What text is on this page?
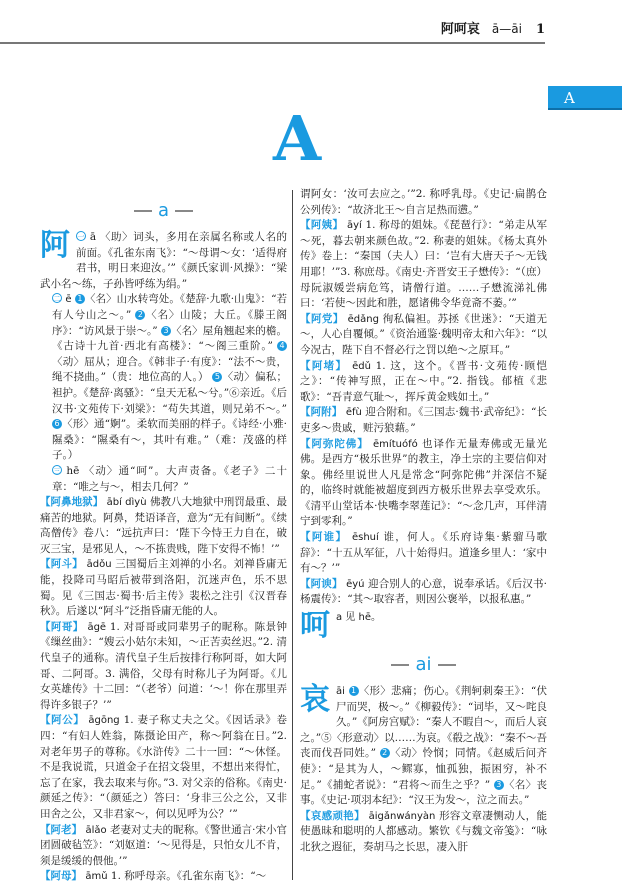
阿呵哀 ā—āi 1
A
A
a
阿 一 ā 〈助〉词头，多用在亲属名称或人名的前面。《孔雀东南飞》：“～母谓～女：‘适得府君书，明日来迎汝。’”《颜氏家训·风操》：“梁武小名～练，子孙皆呼练为绢。”
二 ē 1 〈名〉山水转弯处。《楚辞·九歌·山鬼》：“若有人兮山之～。” 2 〈名〉山陵；大丘。《滕王阁序》：“访风景于崇～。” 3 〈名〉屋角翘起来的檐。《古诗十九首·西北有高楼》：“～阁三重阶。” 4〈动〉屈从；迎合。《韩非子·有度》：“法不～贵，绳不挠曲。”（贵：地位高的人。） 5 〈动〉偏私；袒护。《楚辞·离骚》：“皇天无私～兮。”⑥亲近。《后汉书·文苑传下·刘梁》：“苟失其道，则兄弟不～。” 6 〈形〉通“婀”。柔软而美丽的样子。《诗经·小雅·隰桑》：“隰桑有～，其叶有难。”（难：茂盛的样子。）
三 hē 〈动〉通“呵”。大声责备。《老子》二十章：“唯之与～，相去几何？”
【阿鼻地狱】 ābí dìyù 佛教八大地狱中刑罚最重、最痛苦的地狱。阿鼻，梵语译音，意为“无有间断”。《续高僧传》卷八：“远抗声曰：‘陛下今恃王力自在，破灭三宝，是邪见人，～不拣贵贱，陛下安得不怖！’”
【阿斗】 ādǒu 三国蜀后主刘禅的小名。刘禅昏庸无能，投降司马昭后被带到洛阳，沉迷声色，乐不思蜀。见《三国志·蜀书·后主传》裴松之注引《汉晋春秋》。后遂以“阿斗”泛指昏庸无能的人。
【阿哥】 āgē 1. 对哥哥或同辈男子的昵称。陈景钟《缫丝曲》：“嫂云小姑尔未知，～正苦卖丝迟。”2. 清代皇子的通称。清代皇子生后按排行称阿哥，如大阿哥、二阿哥。3. 满俗，父母有时称儿子为阿哥。《儿女英雄传》十二回：“（老爷）问道：‘～！你在那里弄得许多银子？’”
【阿公】 āgōng 1. 妻子称丈夫之父。《因话录》卷四：“有妇人姓翁，陈摄论田产，称～阿翁在日。”2. 对老年男子的尊称。《水浒传》二十一回：“～休怪。不是我说谎，只道金子在招文袋里，不想出来得忙，忘了在家，我去取来与你。”3. 对父亲的俗称。《南史·颜延之传》：“（颜延之）答曰：‘身非三公之公，又非田舍之公，又非君家～，何以见呼为公？’”
【阿老】 ālǎo 老妻对丈夫的昵称。《警世通言·宋小官团圆破毡笠》：“刘妪道：‘～见得是，只怕女儿不肯，须是缓缓的偎他。’”
【阿母】 āmǔ 1. 称呼母亲。《孔雀东南飞》：“～
谓阿女：‘汝可去应之。’”2. 称呼乳母。《史记·扁鹊仓公列传》：“故济北王～自言足热而懑。”
【阿姨】 āyí 1. 称母的姐妹。《琵琶行》：“弟走从军～死，暮去朝来颜色故。”2. 称妻的姐妹。《杨太真外传》卷上：“秦国（夫人）曰：‘岂有大唐天子～无钱用耶！’”3. 称庶母。《南史·齐晋安王子懋传》：“（庶）母阮淑媛尝病危笃，请僧行道。……子懋流涕礼佛曰：‘若使～因此和胜，愿诸佛令华竟斋不萎。’”
【阿党】 ēdǎng 徇私偏袒。苏拯《世迷》：“天道无～，人心自覆倾。”《资治通鉴·魏明帝太和六年》：“以今况古，陛下自不督必行之罚以绝～之原耳。”
【阿堵】 ēdǔ 1. 这，这个。《晋书·文苑传·顾恺之》：“传神写照，正在～中。”2. 指钱。郁植《悲歌》：“吾青意气耻～，挥斥黄金贱如土。”
【阿附】 ēfù 迎合附和。《三国志·魏书·武帝纪》：“长吏多～贵戚，赃污狼藉。”
【阿弥陀佛】 ēmítuófó 也译作无量寿佛或无量光佛。是西方“极乐世界”的教主，净土宗的主要信仰对象。佛经里说世人凡是常念“阿弥陀佛”并深信不疑的，临终时就能被超度到西方极乐世界去享受欢乐。《清平山堂话本·快嘴李翠莲记》：“～念几声，耳伴清宁到零利。”
【阿谁】 ēshuí 谁，何人。《乐府诗集·紫骝马歌辞》：“十五从军征，八十始得归。道逢乡里人：‘家中有～？’”
【阿谀】 ēyú 迎合别人的心意，说奉承话。《后汉书·杨震传》：“其～取容者，则因公褒举，以报私惠。”
呵 a 见 hē。
ai
哀 āi 1 〈形〉悲痛；伤心。《荆轲刺秦王》：“伏尸而哭，极～。”《柳毅传》：“词毕，又～咤良久。”《阿房宫赋》：“秦人不暇自～，而后人哀之。”⑤〈形意动〉以……为哀。《殽之战》：“秦不～吾丧而伐吾同姓。” 2 〈动〉怜悯；同情。《赵威后问齐使》：“是其为人，～鳏寡，恤孤独，振困穷，补不足。”《捕蛇者说》：“君将～而生之乎？” 3 〈名〉丧事。《史记·项羽本纪》：“汉王为发～，泣之而去。”
【哀感顽艳】 āigǎnwányàn 形容文章凄恻动人，能使愚昧和聪明的人都感动。繁钦《与魏文帝笺》：“咏北狄之遐征，奏胡马之长思，凄入肝
